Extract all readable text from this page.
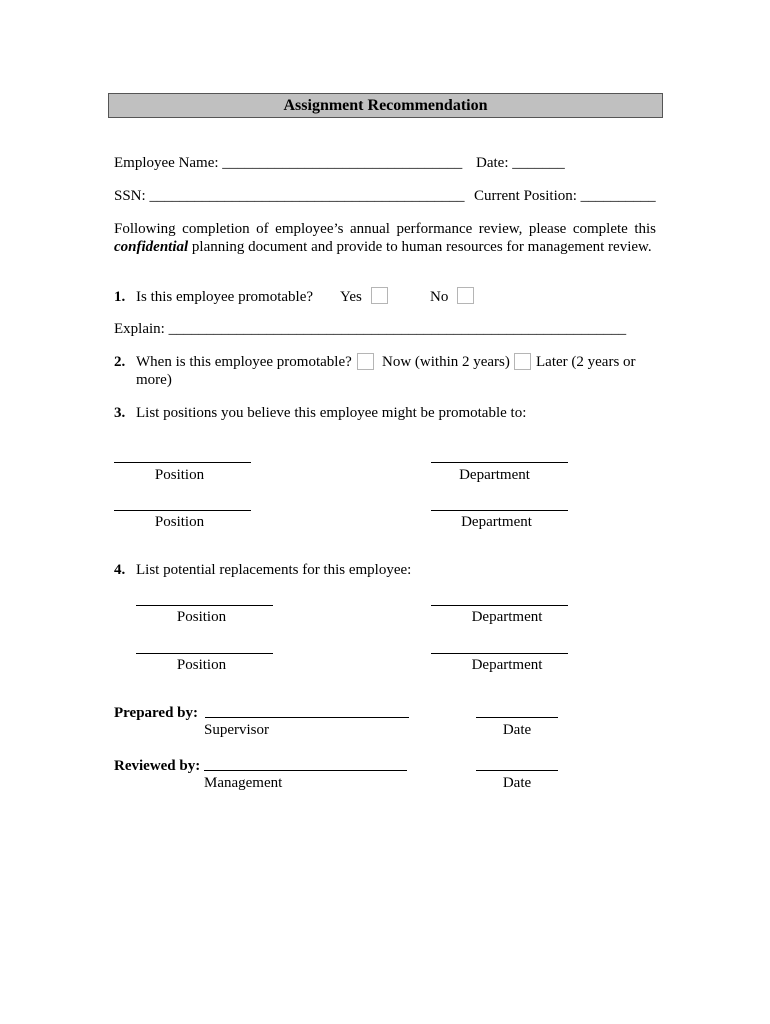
Assignment Recommendation
Employee Name: ________________________________ Date: _______
SSN: __________________________________________ Current Position: __________
Following completion of employee’s annual performance review, please complete this
confidential planning document and provide to human resources for management review.
1. Is this employee promotable? Yes	No
Explain: _____________________________________________________________
2. When is this employee promotable? Now (within 2 years) Later (2 years or
more)
3. List positions you believe this employee might be promotable to:
Position	Department
Position	Department
4. List potential replacements for this employee:
Position	Department
Position	Department
Prepared by:
Supervisor	Date
Reviewed by:
Management	Date
